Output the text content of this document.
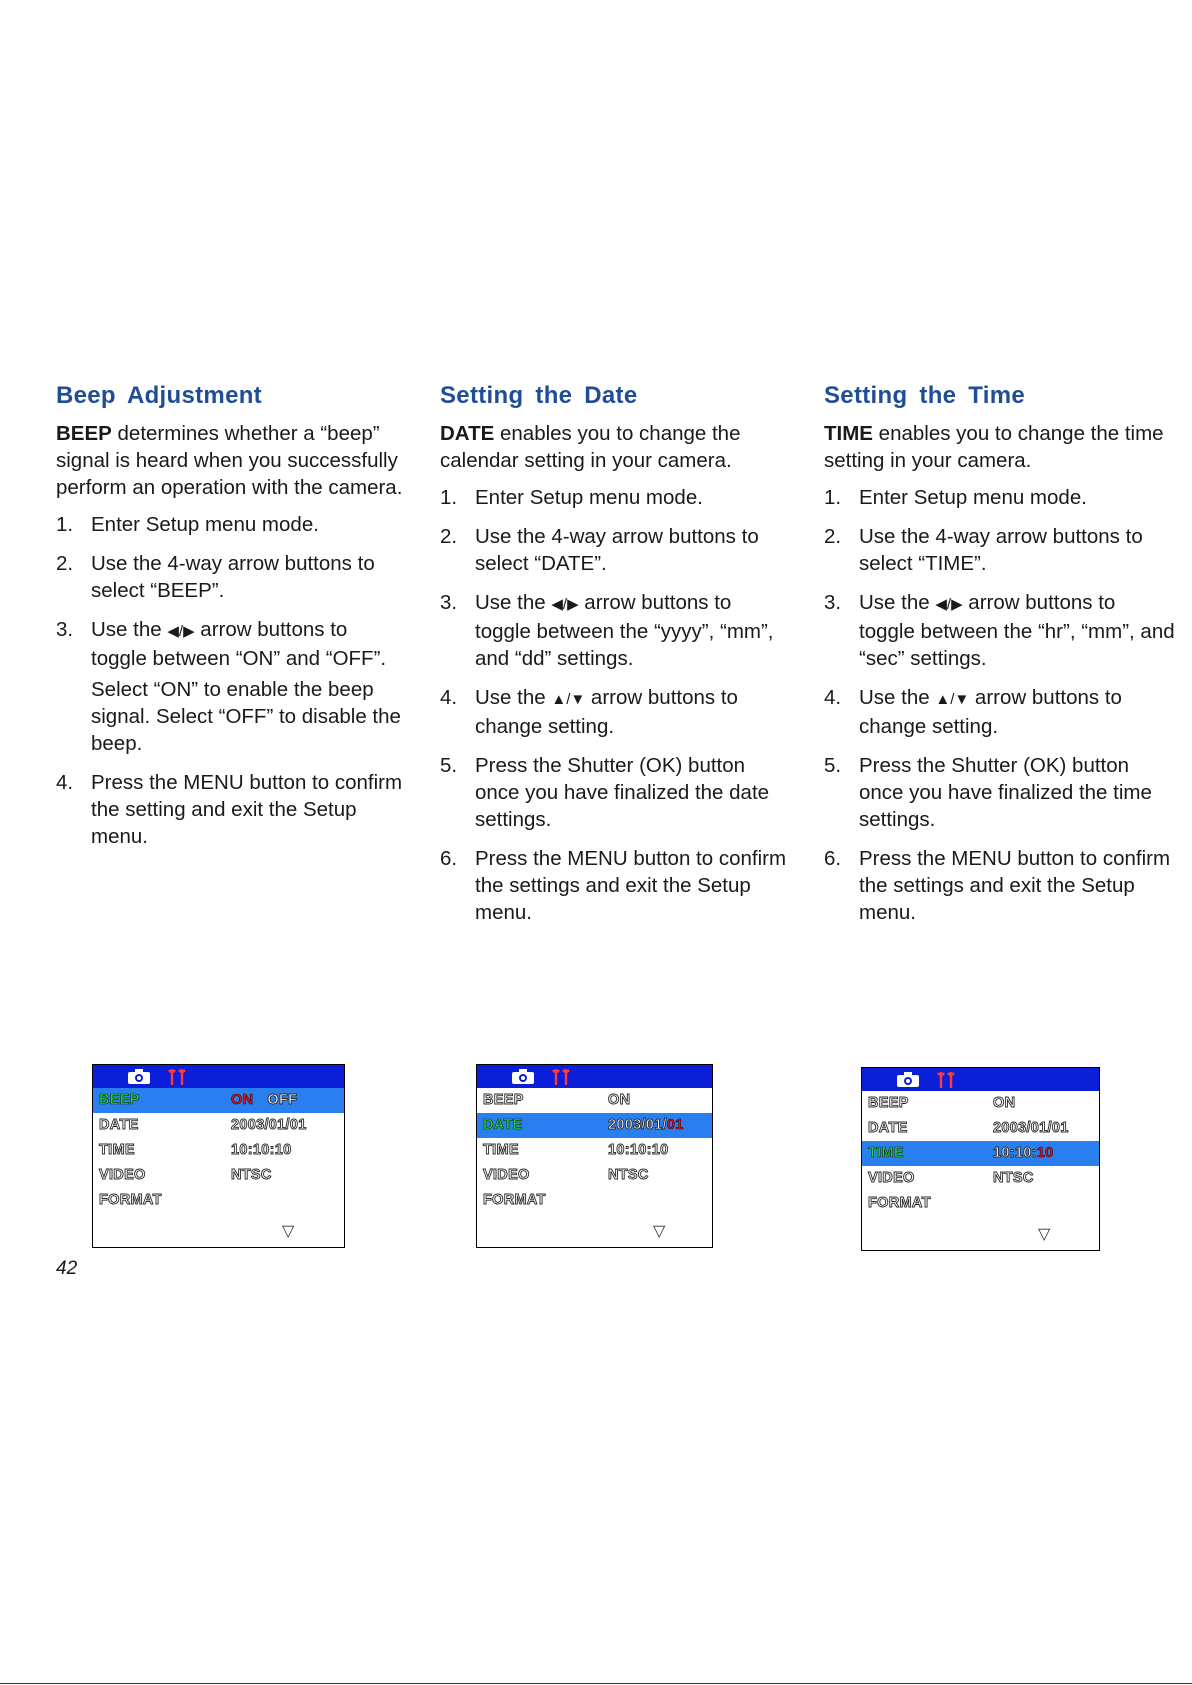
Beep Adjustment

BEEP determines whether a “beep” signal is heard when you successfully perform an operation with the camera.

1. Enter Setup menu mode.
2. Use the 4-way arrow buttons to select “BEEP”.
3. Use the ◀/▶ arrow buttons to toggle between “ON” and “OFF”.
Select “ON” to enable the beep signal. Select “OFF” to disable the beep.
4. Press the MENU button to confirm the setting and exit the Setup menu.
Setting the Date

DATE enables you to change the calendar setting in your camera.

1. Enter Setup menu mode.
2. Use the 4-way arrow buttons to select “DATE”.
3. Use the ◀/▶ arrow buttons to toggle between the “yyyy”, “mm”, and “dd” settings.
4. Use the ▲/▼ arrow buttons to change setting.
5. Press the Shutter (OK) button once you have finalized the date settings.
6. Press the MENU button to confirm the settings and exit the Setup menu.
Setting the Time

TIME enables you to change the time setting in your camera.

1. Enter Setup menu mode.
2. Use the 4-way arrow buttons to select “TIME”.
3. Use the ◀/▶ arrow buttons to toggle between the “hr”, “mm”, and “sec” settings.
4. Use the ▲/▼ arrow buttons to change setting.
5. Press the Shutter (OK) button once you have finalized the time settings.
6. Press the MENU button to confirm the settings and exit the Setup menu.
BEEP	ON OFF
DATE	2003/01/01
TIME	10:10:10
VIDEO	NTSC
FORMAT
▽
BEEP	ON
DATE	2003/01/01
TIME	10:10:10
VIDEO	NTSC
FORMAT
▽
BEEP	ON
DATE	2003/01/01
TIME	10:10:10
VIDEO	NTSC
FORMAT
▽
42
